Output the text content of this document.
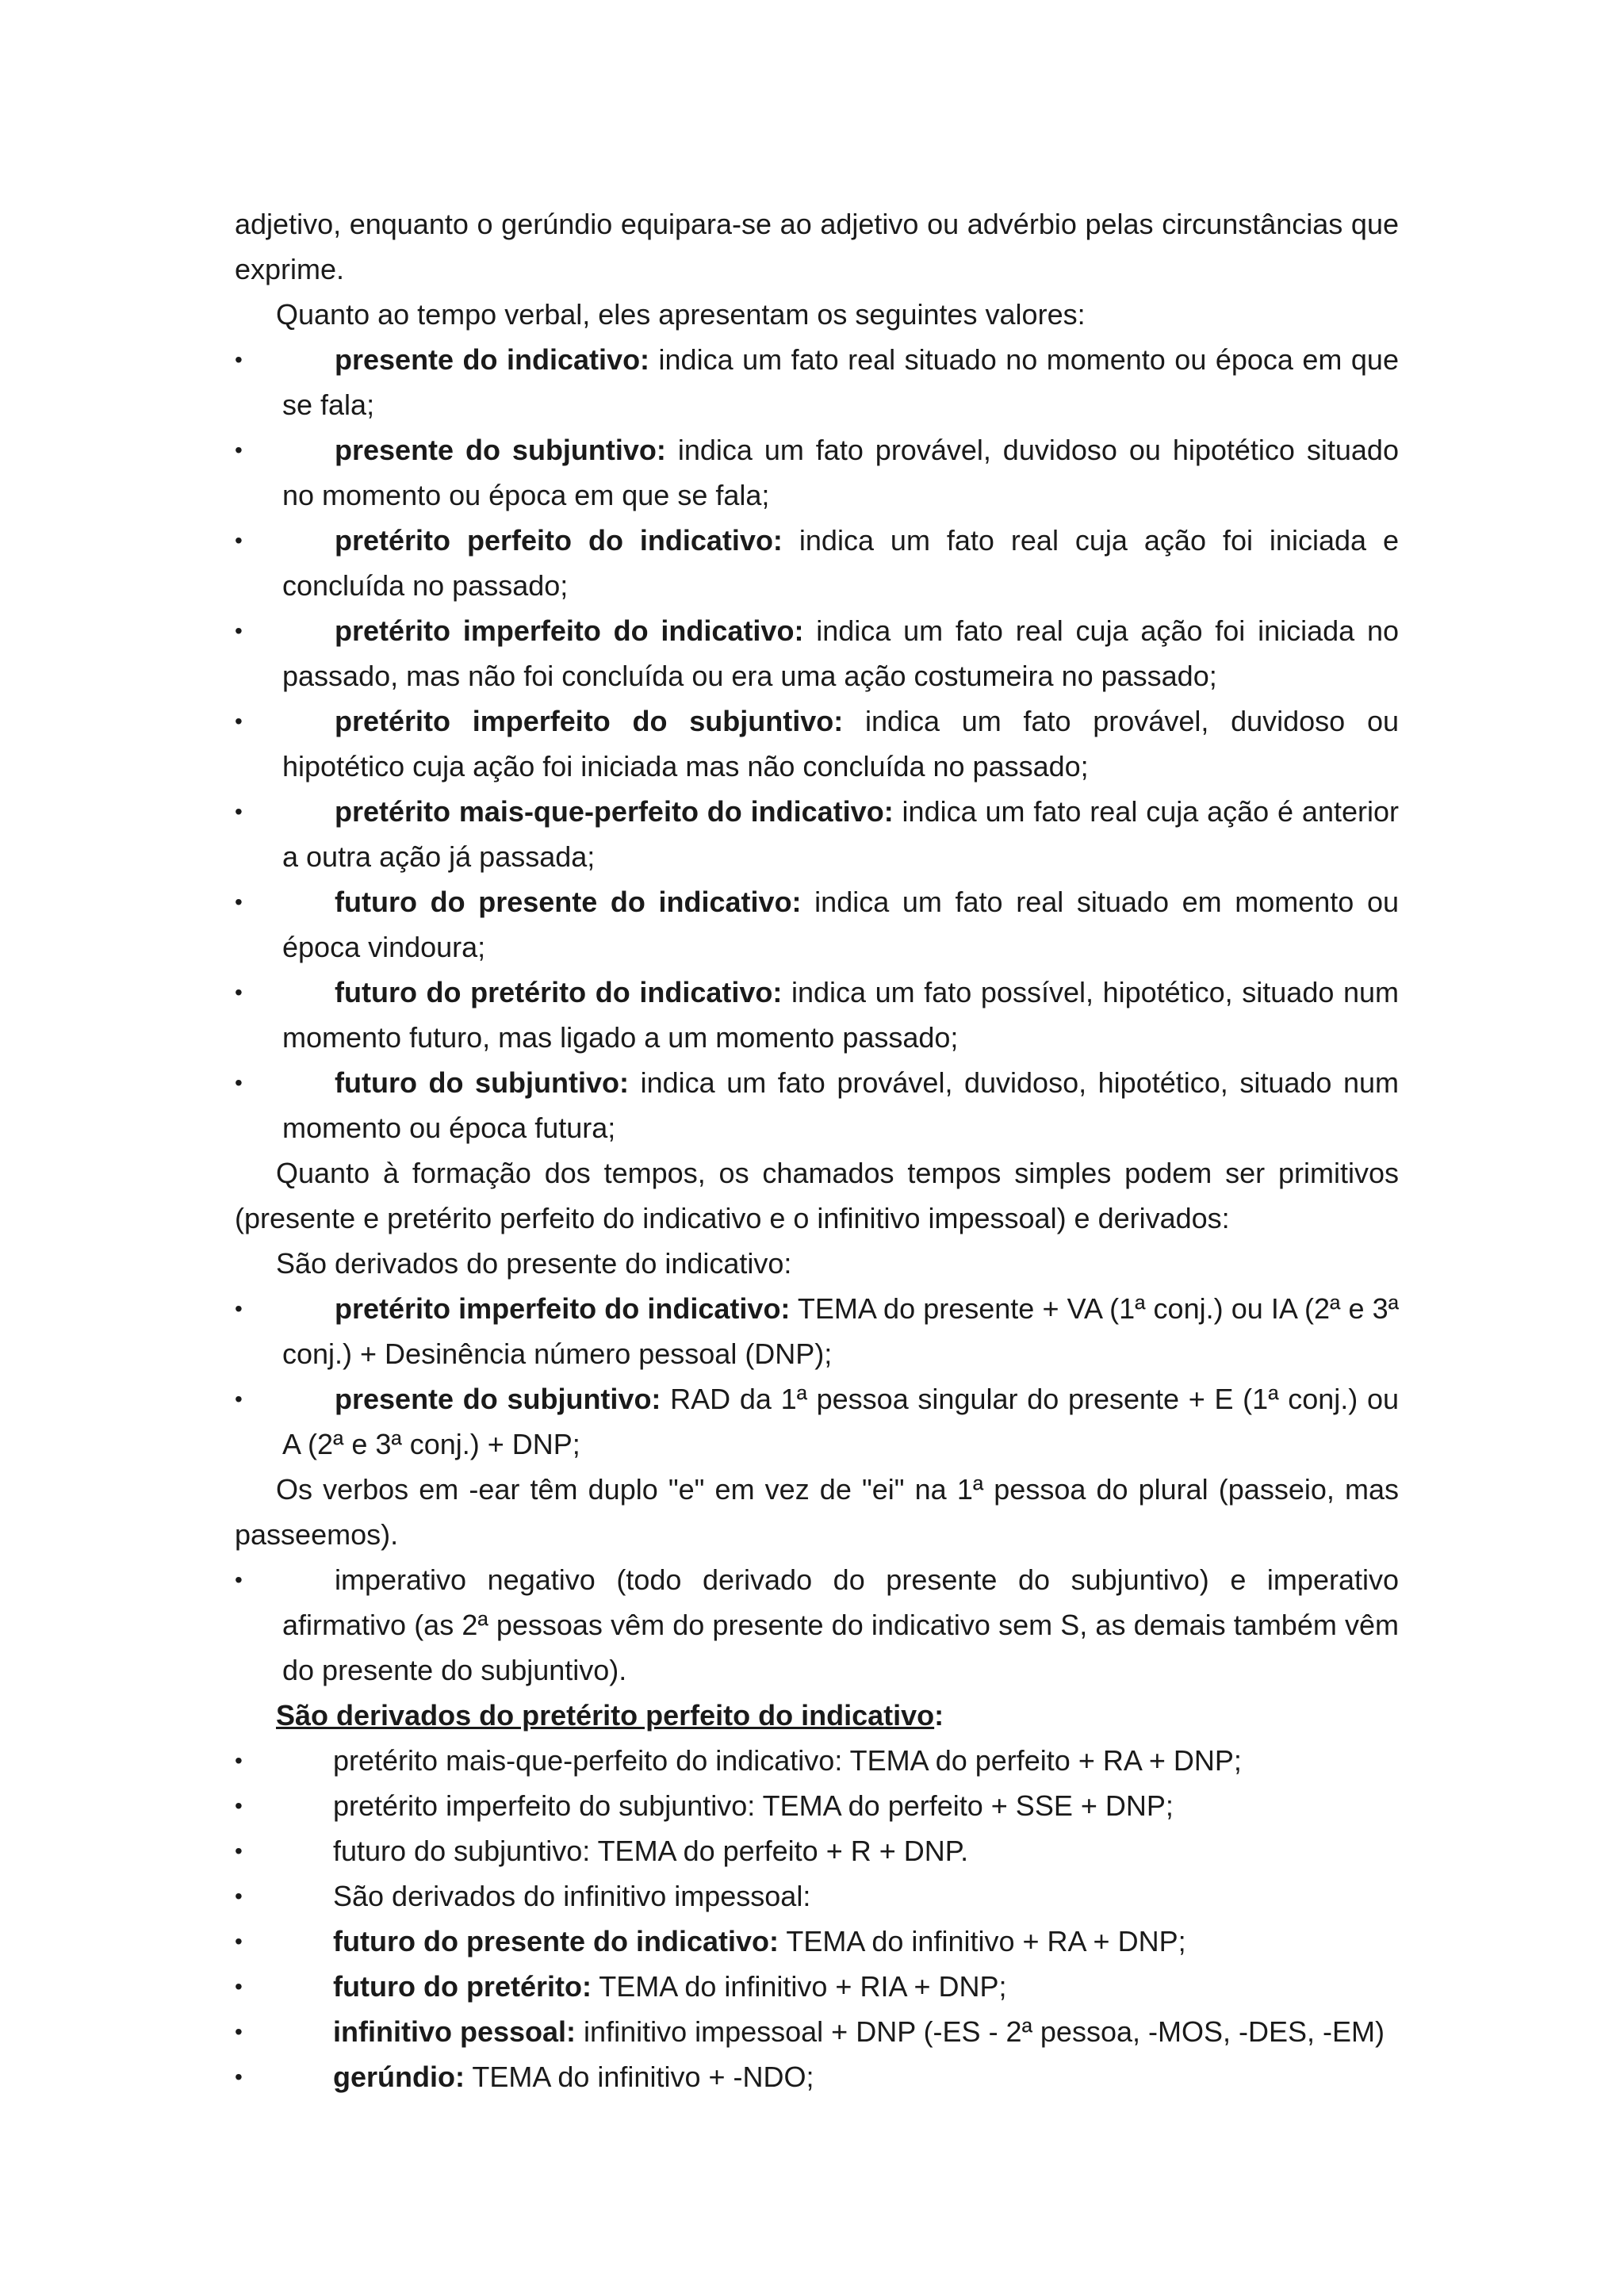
adjetivo, enquanto o gerúndio equipara-se ao adjetivo ou advérbio pelas circunstâncias que exprime.

Quanto ao tempo verbal, eles apresentam os seguintes valores:

• presente do indicativo: indica um fato real situado no momento ou época em que se fala;
• presente do subjuntivo: indica um fato provável, duvidoso ou hipotético situado no momento ou época em que se fala;
• pretérito perfeito do indicativo: indica um fato real cuja ação foi iniciada e concluída no passado;
• pretérito imperfeito do indicativo: indica um fato real cuja ação foi iniciada no passado, mas não foi concluída ou era uma ação costumeira no passado;
• pretérito imperfeito do subjuntivo: indica um fato provável, duvidoso ou hipotético cuja ação foi iniciada mas não concluída no passado;
• pretérito mais-que-perfeito do indicativo: indica um fato real cuja ação é anterior a outra ação já passada;
• futuro do presente do indicativo: indica um fato real situado em momento ou época vindoura;
• futuro do pretérito do indicativo: indica um fato possível, hipotético, situado num momento futuro, mas ligado a um momento passado;
• futuro do subjuntivo: indica um fato provável, duvidoso, hipotético, situado num momento ou época futura;

Quanto à formação dos tempos, os chamados tempos simples podem ser primitivos (presente e pretérito perfeito do indicativo e o infinitivo impessoal) e derivados:

São derivados do presente do indicativo:

• pretérito imperfeito do indicativo: TEMA do presente + VA (1ª conj.) ou IA (2ª e 3ª conj.) + Desinência número pessoal (DNP);
• presente do subjuntivo: RAD da 1ª pessoa singular do presente + E (1ª conj.) ou A (2ª e 3ª conj.) + DNP;

Os verbos em -ear têm duplo "e" em vez de "ei" na 1ª pessoa do plural (passeio, mas passeemos).

• imperativo negativo (todo derivado do presente do subjuntivo) e imperativo afirmativo (as 2ª pessoas vêm do presente do indicativo sem S, as demais também vêm do presente do subjuntivo).

São derivados do pretérito perfeito do indicativo:

• pretérito mais-que-perfeito do indicativo: TEMA do perfeito + RA + DNP;
• pretérito imperfeito do subjuntivo: TEMA do perfeito + SSE + DNP;
• futuro do subjuntivo: TEMA do perfeito + R + DNP.
• São derivados do infinitivo impessoal:
• futuro do presente do indicativo: TEMA do infinitivo + RA + DNP;
• futuro do pretérito: TEMA do infinitivo + RIA + DNP;
• infinitivo pessoal: infinitivo impessoal + DNP (-ES - 2ª pessoa, -MOS, -DES, -EM)
• gerúndio: TEMA do infinitivo + -NDO;
